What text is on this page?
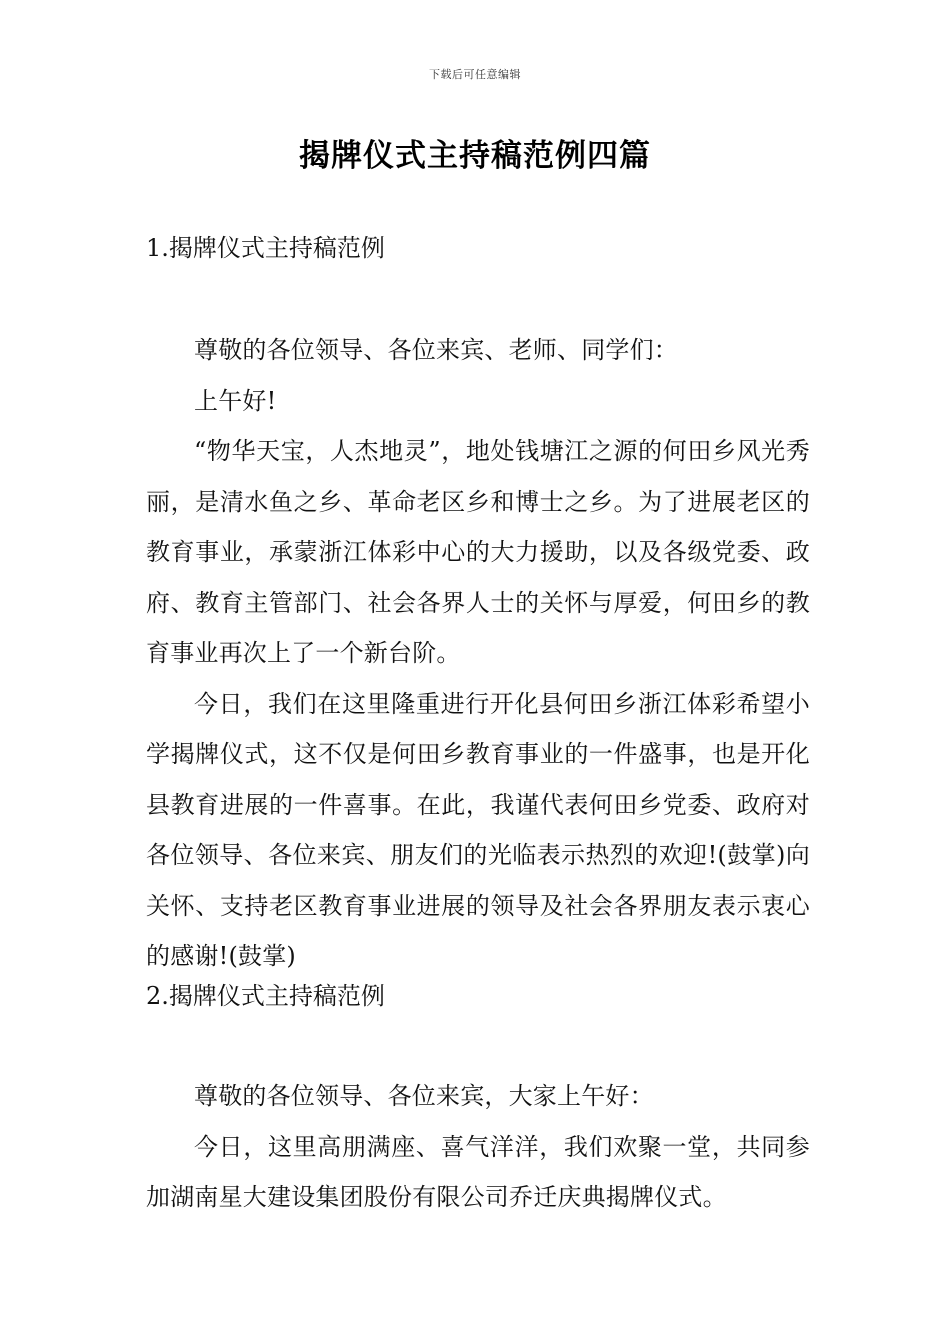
下载后可任意编辑
揭牌仪式主持稿范例四篇
1.揭牌仪式主持稿范例

尊敬的各位领导、各位来宾、老师、同学们：

上午好!

“物华天宝，人杰地灵”，地处钱塘江之源的何田乡风光秀丽，是清水鱼之乡、革命老区乡和博士之乡。为了进展老区的教育事业，承蒙浙江体彩中心的大力援助，以及各级党委、政府、教育主管部门、社会各界人士的关怀与厚爱，何田乡的教育事业再次上了一个新台阶。

今日，我们在这里隆重进行开化县何田乡浙江体彩希望小学揭牌仪式，这不仅是何田乡教育事业的一件盛事，也是开化县教育进展的一件喜事。在此，我谨代表何田乡党委、政府对各位领导、各位来宾、朋友们的光临表示热烈的欢迎!(鼓掌)向关怀、支持老区教育事业进展的领导及社会各界朋友表示衷心的感谢!(鼓掌)

2.揭牌仪式主持稿范例

尊敬的各位领导、各位来宾，大家上午好：

今日，这里高朋满座、喜气洋洋，我们欢聚一堂，共同参加湖南星大建设集团股份有限公司乔迁庆典揭牌仪式。
